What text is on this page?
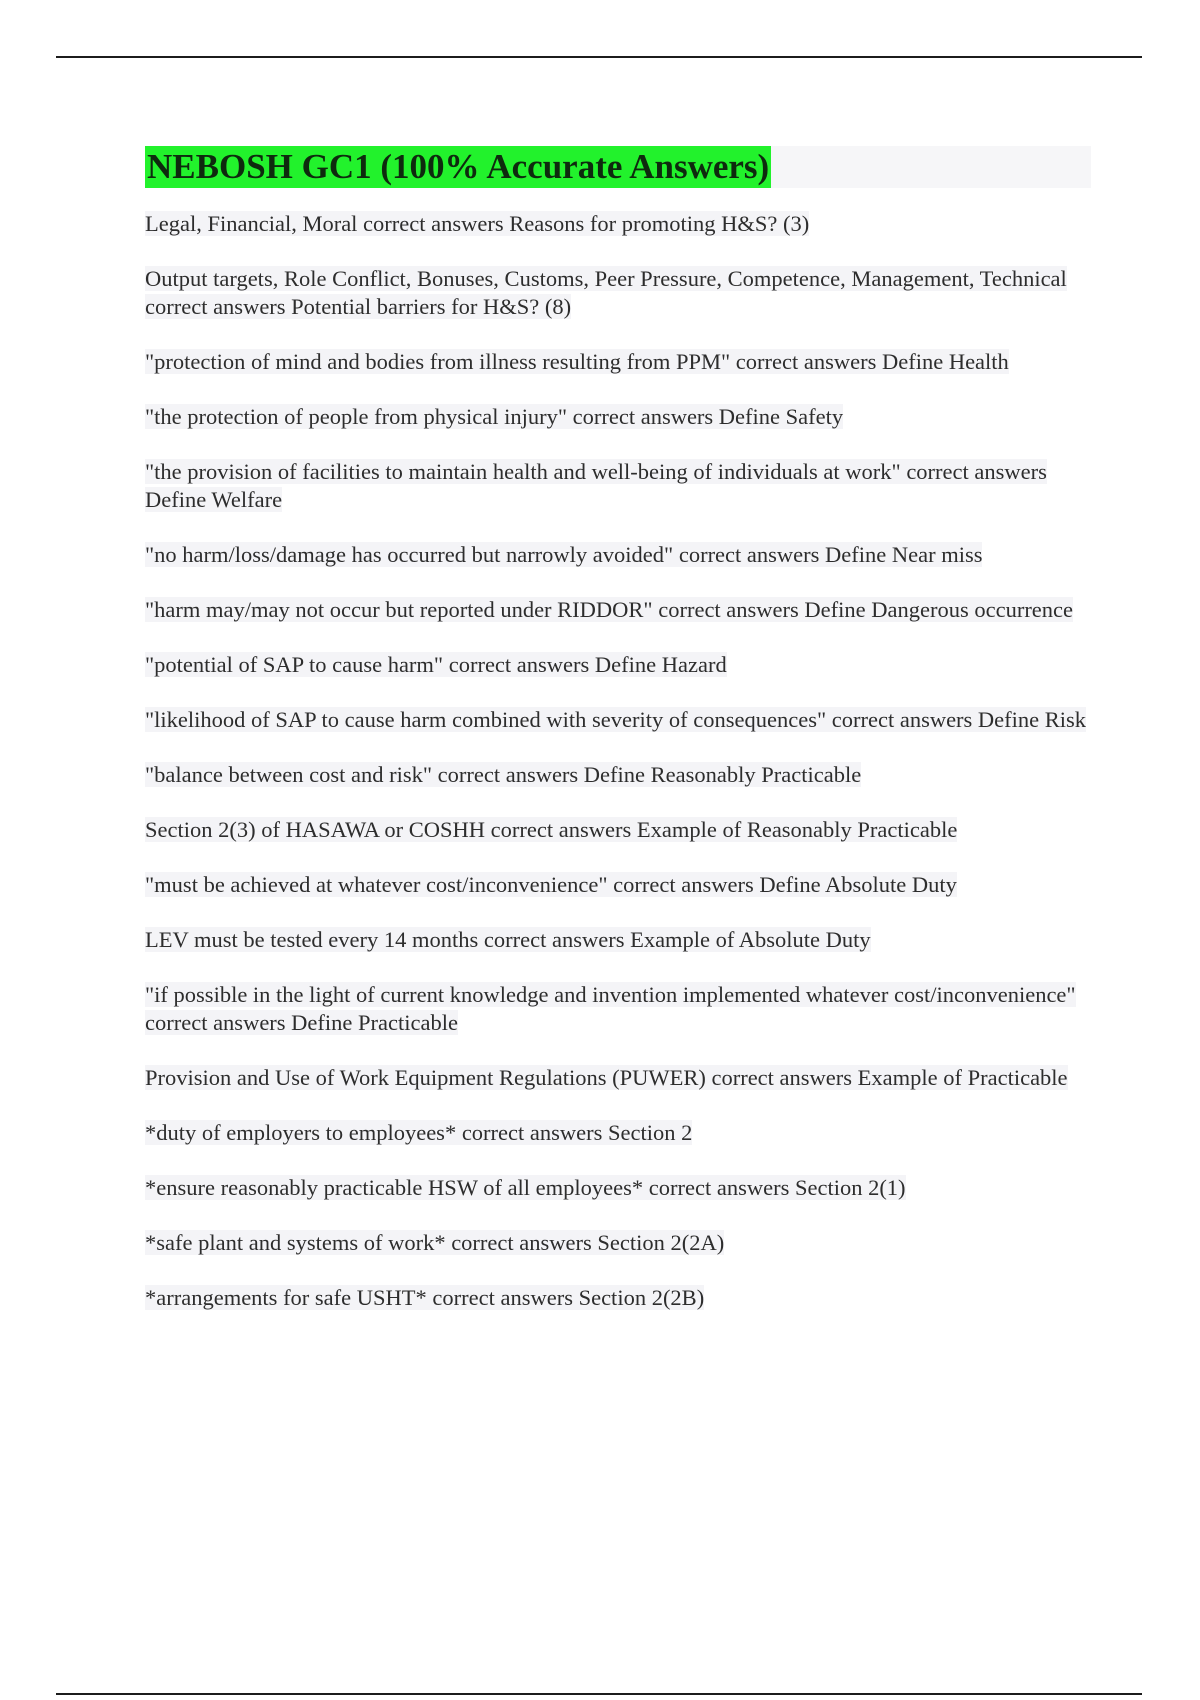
NEBOSH GC1 (100% Accurate Answers)
Legal, Financial, Moral correct answers Reasons for promoting H&S? (3)
Output targets, Role Conflict, Bonuses, Customs, Peer Pressure, Competence, Management, Technical correct answers Potential barriers for H&S? (8)
"protection of mind and bodies from illness resulting from PPM" correct answers Define Health
"the protection of people from physical injury" correct answers Define Safety
"the provision of facilities to maintain health and well-being of individuals at work" correct answers Define Welfare
"no harm/loss/damage has occurred but narrowly avoided" correct answers Define Near miss
"harm may/may not occur but reported under RIDDOR" correct answers Define Dangerous occurrence
"potential of SAP to cause harm" correct answers Define Hazard
"likelihood of SAP to cause harm combined with severity of consequences" correct answers Define Risk
"balance between cost and risk" correct answers Define Reasonably Practicable
Section 2(3) of HASAWA or COSHH correct answers Example of Reasonably Practicable
"must be achieved at whatever cost/inconvenience" correct answers Define Absolute Duty
LEV must be tested every 14 months correct answers Example of Absolute Duty
"if possible in the light of current knowledge and invention implemented whatever cost/inconvenience" correct answers Define Practicable
Provision and Use of Work Equipment Regulations (PUWER) correct answers Example of Practicable
*duty of employers to employees* correct answers Section 2
*ensure reasonably practicable HSW of all employees* correct answers Section 2(1)
*safe plant and systems of work* correct answers Section 2(2A)
*arrangements for safe USHT* correct answers Section 2(2B)
